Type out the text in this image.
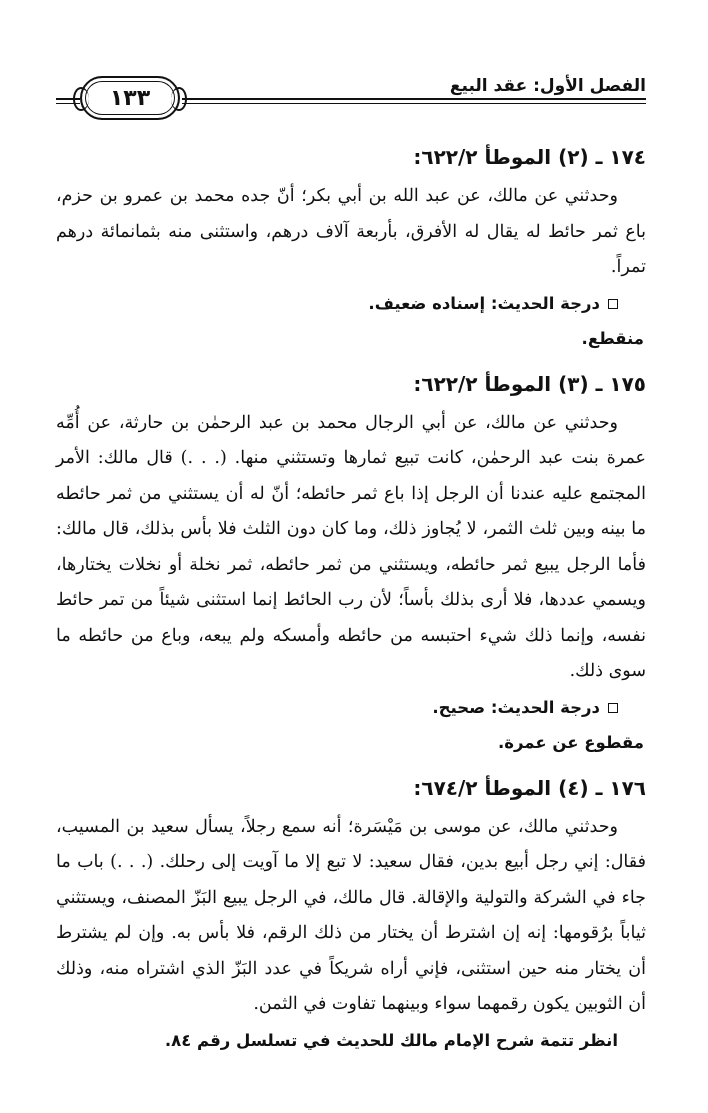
الفصل الأول: عقد البيع
١٣٣
١٧٤ ـ (٢) الموطأ ٦٢٢/٢:

وحدثني عن مالك، عن عبد الله بن أبي بكر؛ أنّ جده محمد بن عمرو بن حزم، باع ثمر حائط له يقال له الأفرق، بأربعة آلاف درهم، واستثنى منه بثمانمائة درهم تمراً.

درجة الحديث: إسناده ضعيف.

منقطع.

١٧٥ ـ (٣) الموطأ ٦٢٢/٢:

وحدثني عن مالك، عن أبي الرجال محمد بن عبد الرحمٰن بن حارثة، عن أُمِّه عمرة بنت عبد الرحمٰن، كانت تبيع ثمارها وتستثني منها. (. . .) قال مالك: الأمر المجتمع عليه عندنا أن الرجل إذا باع ثمر حائطه؛ أنّ له أن يستثني من ثمر حائطه ما بينه وبين ثلث الثمر، لا يُجاوز ذلك، وما كان دون الثلث فلا بأس بذلك، قال مالك: فأما الرجل يبيع ثمر حائطه، ويستثني من ثمر حائطه، ثمر نخلة أو نخلات يختارها، ويسمي عددها، فلا أرى بذلك بأساً؛ لأن رب الحائط إنما استثنى شيئاً من تمر حائط نفسه، وإنما ذلك شيء احتبسه من حائطه وأمسكه ولم يبعه، وباع من حائطه ما سوى ذلك.

درجة الحديث: صحيح.

مقطوع عن عمرة.

١٧٦ ـ (٤) الموطأ ٦٧٤/٢:

وحدثني مالك، عن موسى بن مَيْسَرة؛ أنه سمع رجلاً، يسأل سعيد بن المسيب، فقال: إني رجل أبيع بدين، فقال سعيد: لا تبع إلا ما آويت إلى رحلك. (. . .) باب ما جاء في الشركة والتولية والإقالة. قال مالك، في الرجل يبيع البَزّ المصنف، ويستثني ثياباً برُقومها: إنه إن اشترط أن يختار من ذلك الرقم، فلا بأس به. وإن لم يشترط أن يختار منه حين استثنى، فإني أراه شريكاً في عدد البَزّ الذي اشتراه منه، وذلك أن الثوبين يكون رقمهما سواء وبينهما تفاوت في الثمن.

انظر تتمة شرح الإمام مالك للحديث في تسلسل رقم ٨٤.
